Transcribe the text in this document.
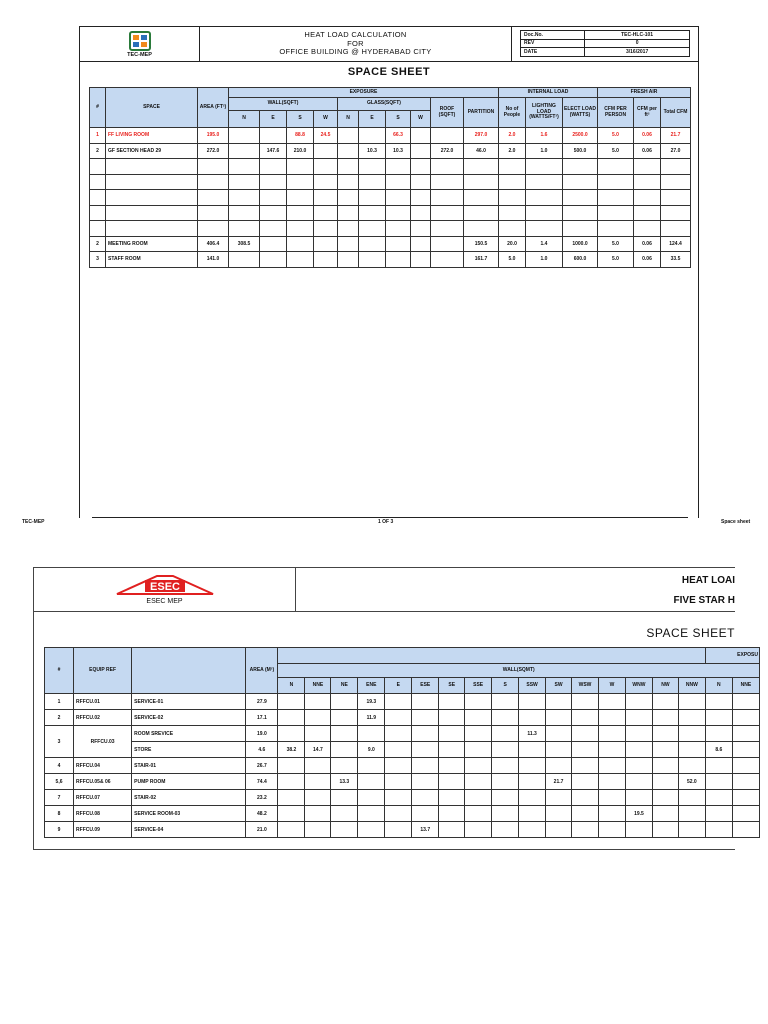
TEC-MEP
HEAT LOAD CALCULATION
FOR
OFFICE BUILDING @ HYDERABAD CITY
Doc.No.	TEC-HLC-101
REV	0
DATE	3/16/2017
SPACE SHEET
#	SPACE	AREA (FT²)	EXPOSURE										INTERNAL LOAD			FRESH AIR		
			WALL(SQFT)				GLASS(SQFT)				ROOF (SQFT)	PARTITION	No of People	LIGHTING LOAD (WATTS/FT²)	ELECT LOAD (WATTS)	CFM PER PERSON	CFM per ft²	Total CFM
			N	E	S	W	N	E	S	W								
1	FF LIVING ROOM	195.0			88.8	24.5			66.3			297.0	2.0	1.6	2500.0	5.0	0.06	21.7
2	GF SECTION HEAD 29	272.0		147.6	210.0			10.3	10.3		272.0	46.0	2.0	1.0	500.0	5.0	0.06	27.0

2	MEETING ROOM	406.4	308.5									150.5	20.0	1.4	1000.0	5.0	0.06	124.4
3	STAFF ROOM	141.0										161.7	5.0	1.0	600.0	5.0	0.06	33.5
TEC-MEP	1 OF 3	Space sheet
ESEC
ESEC MEP
HEAT LOAI
FIVE STAR H
SPACE SHEET
#	EQUIP REF		AREA (M²)																	EXPOSU	
				WALL(SQMT)																	
				N	NNE	NE	ENE	E	ESE	SE	SSE	S	SSW	SW	WSW	W	WNW	NW	NNW	N	NNE
1	RFFCU.01	SERVICE-01	27.9				19.3														
2	RFFCU.02	SERVICE-02	17.1				11.9														
3	RFFCU.03	ROOM SREVICE	19.0										11.3								
		STORE	4.6	38.2	14.7		9.0													8.6	
4	RFFCU.04	STAIR-01	26.7																		
5,6	RFFCU.05& 06	PUMP ROOM	74.4			13.3								21.7					52.0		
7	RFFCU.07	STAIR-02	23.2																		
8	RFFCU.08	SERVICE ROOM-03	48.2														19.5				
9	RFFCU.09	SERVICE-04	21.0						13.7												
